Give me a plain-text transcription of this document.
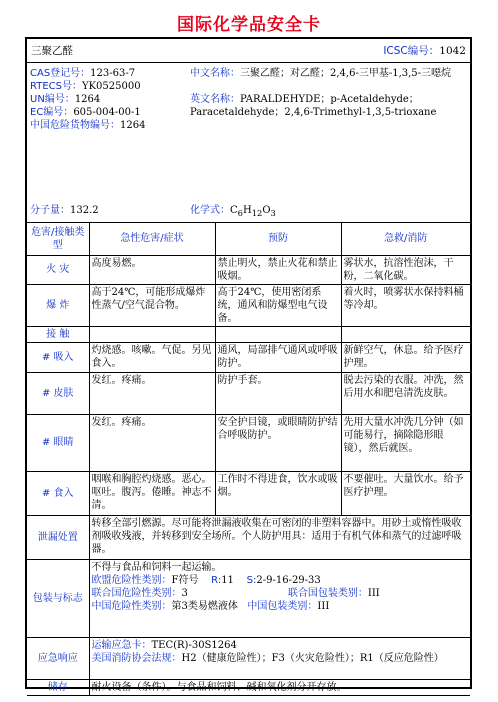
国际化学品安全卡
三聚乙醛	ICSC编号：1042
CAS登记号：123-63-7
RTECS号：YK0525000
UN编号：1264
EC编号：605-004-00-1
中国危险货物编号：1264
中文名称：三聚乙醛；对乙醛；2,4,6-三甲基-1,3,5-三噁烷
英文名称：PARALDEHYDE；p-Acetaldehyde；Paracetaldehyde；2,4,6-Trimethyl-1,3,5-trioxane
分子量：132.2	化学式：$C_6H_{12}O_3$
危害/接触类型	急性危害/症状	预防	急救/消防
火 灾	高度易燃。	禁止明火，禁止火花和禁止吸烟。	雾状水，抗溶性泡沫，干粉，二氧化碳。
爆 炸	高于24℃，可能形成爆炸性蒸气/空气混合物。	高于24℃，使用密闭系统，通风和防爆型电气设备。	着火时，喷雾状水保持料桶等冷却。
接 触			
# 吸入	灼烧感。咳嗽。气促。另见食入。	通风，局部排气通风或呼吸防护。	新鲜空气，休息。给予医疗护理。
# 皮肤	发红。疼痛。	防护手套。	脱去污染的衣服。冲洗，然后用水和肥皂清洗皮肤。
# 眼睛	发红。疼痛。	安全护目镜，或眼睛防护结合呼吸防护。	先用大量水冲洗几分钟（如可能易行，摘除隐形眼镜），然后就医。
# 食入	咽喉和胸腔灼烧感。恶心。呕吐。腹泻。倦睡。神志不清。	工作时不得进食，饮水或吸烟。	不要催吐。大量饮水。给予医疗护理。
泄漏处置	转移全部引燃源。尽可能将泄漏液收集在可密闭的非塑料容器中。用砂土或惰性吸收剂吸收残液，并转移到安全场所。个人防护用具：适用于有机气体和蒸气的过滤呼吸器。		
包装与标志	不得与食品和饲料一起运输。
欧盟危险性类别：F符号 R:11 S:2-9-16-29-33
联合国危险性类别：3 联合国包装类别：III
中国危险性类别：第3类易燃液体 中国包装类别：III		

应急响应	运输应急卡：TEC(R)-30S1264
美国消防协会法规：H2（健康危险性）；F3（火灾危险性）；R1（反应危险性）		

储存	耐火设备（条件）。与食品和饲料、碱和氧化剂分开存放。		
